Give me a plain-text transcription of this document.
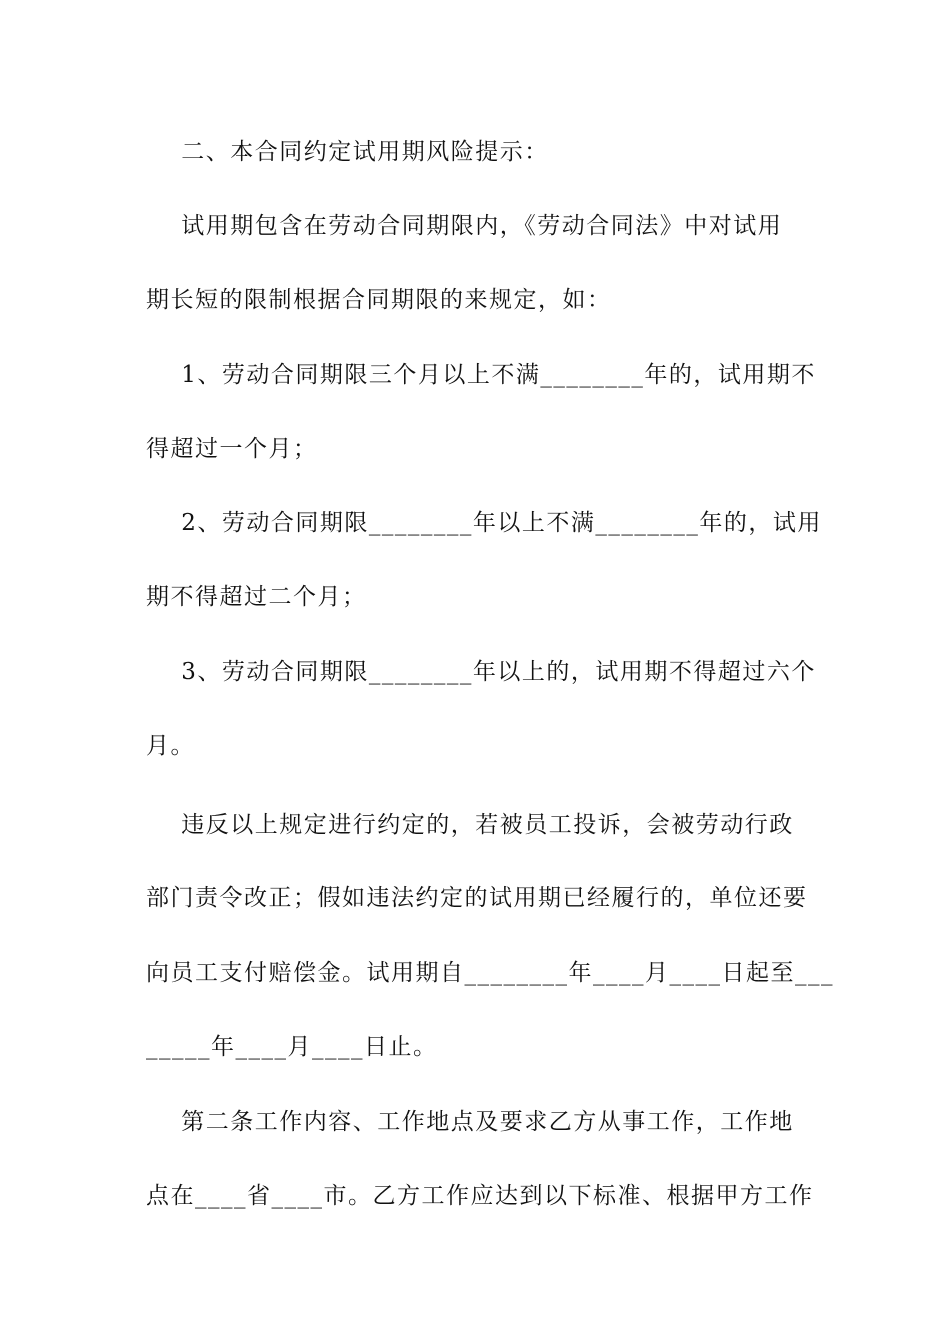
二、本合同约定试用期风险提示：
试用期包含在劳动合同期限内，《劳动合同法》中对试用
期长短的限制根据合同期限的来规定，如：
1、劳动合同期限三个月以上不满________年的，试用期不
得超过一个月；
2、劳动合同期限________年以上不满________年的，试用
期不得超过二个月；
3、劳动合同期限________年以上的，试用期不得超过六个
月。
违反以上规定进行约定的，若被员工投诉，会被劳动行政
部门责令改正；假如违法约定的试用期已经履行的，单位还要
向员工支付赔偿金。试用期自________年____月____日起至___
_____年____月____日止。
第二条工作内容、工作地点及要求乙方从事工作，工作地
点在____省____市。乙方工作应达到以下标准、根据甲方工作
